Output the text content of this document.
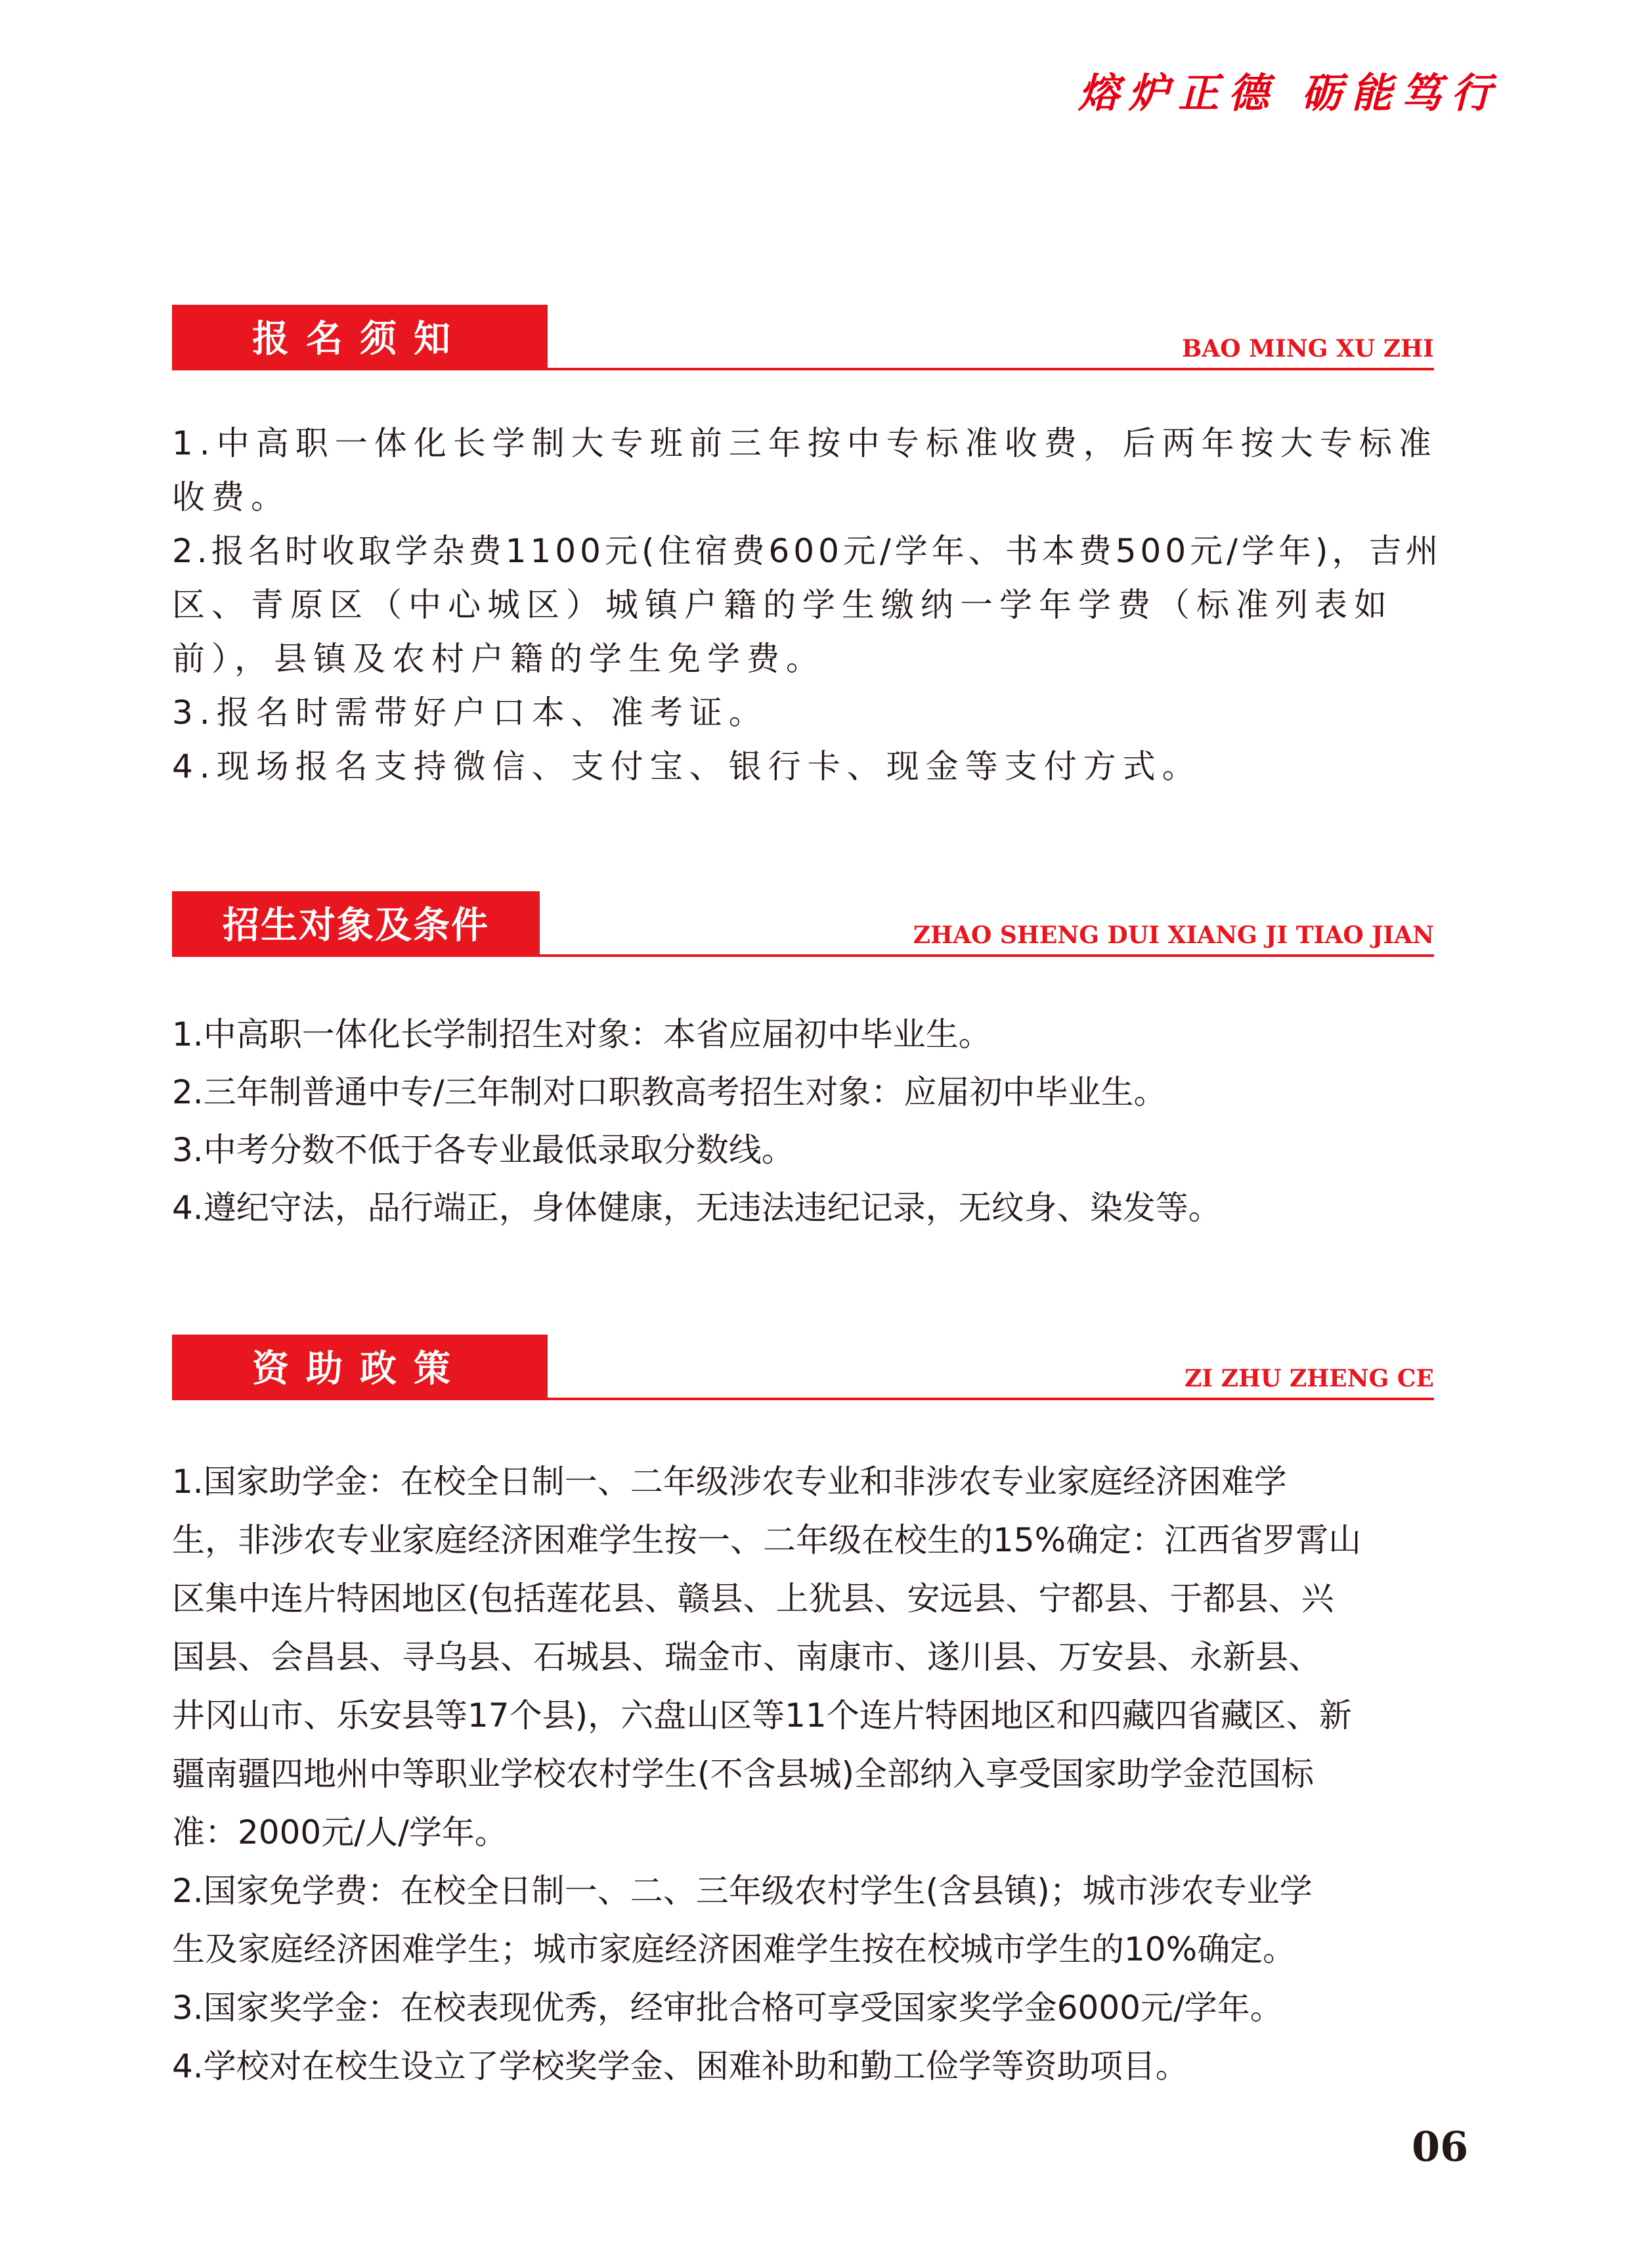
熔炉正德 砺能笃行
报名须知	BAO MING XU ZHI
1.中高职一体化长学制大专班前三年按中专标准收费，后两年按大专标准
收费。
2.报名时收取学杂费1100元(住宿费600元/学年、书本费500元/学年)，吉州
区、青原区（中心城区）城镇户籍的学生缴纳一学年学费（标准列表如
前），县镇及农村户籍的学生免学费。
3.报名时需带好户口本、准考证。
4.现场报名支持微信、支付宝、银行卡、现金等支付方式。
招生对象及条件	ZHAO SHENG DUI XIANG JI TIAO JIAN
1.中高职一体化长学制招生对象：本省应届初中毕业生。
2.三年制普通中专/三年制对口职教高考招生对象：应届初中毕业生。
3.中考分数不低于各专业最低录取分数线。
4.遵纪守法，品行端正，身体健康，无违法违纪记录，无纹身、染发等。
资助政策	ZI ZHU ZHENG CE
1.国家助学金：在校全日制一、二年级涉农专业和非涉农专业家庭经济困难学
生，非涉农专业家庭经济困难学生按一、二年级在校生的15%确定：江西省罗霄山
区集中连片特困地区(包括莲花县、赣县、上犹县、安远县、宁都县、于都县、兴
国县、会昌县、寻乌县、石城县、瑞金市、南康市、遂川县、万安县、永新县、
井冈山市、乐安县等17个县)，六盘山区等11个连片特困地区和四藏四省藏区、新
疆南疆四地州中等职业学校农村学生(不含县城)全部纳入享受国家助学金范国标
准：2000元/人/学年。
2.国家免学费：在校全日制一、二、三年级农村学生(含县镇)；城市涉农专业学
生及家庭经济困难学生；城市家庭经济困难学生按在校城市学生的10%确定。
3.国家奖学金：在校表现优秀，经审批合格可享受国家奖学金6000元/学年。
4.学校对在校生设立了学校奖学金、困难补助和勤工俭学等资助项目。
06
